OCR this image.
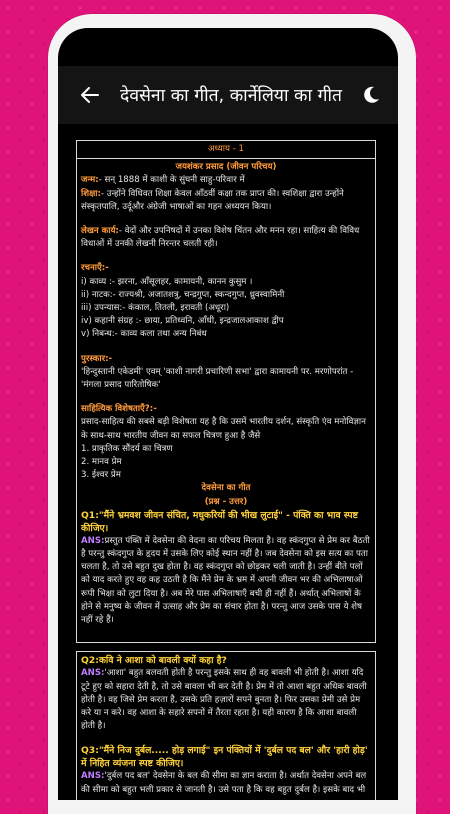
देवसेना का गीत, कार्नेलिया का गीत
अध्याय - 1
जयशंकर प्रसाद (जीवन परिचय)

जन्म:- सन् 1888 में काशी के सुंघनी साहु-परिवार में

शिक्षा:- उन्होंने विधिवत शिक्षा केवल आँठवीं कक्षा तक प्राप्त की। स्वशिक्षा द्वारा उन्होंने संस्कृतपालि, उर्दूऔर अंग्रेजी भाषाओं का गहन अध्ययन किया।

लेखन कार्य:- वेदों और उपनिषदों में उनका विशेष चिंतन और मनन रहा। साहित्य की विविध विधाओं में उनकी लेखनी निरन्तर चलती रही।

रचनाएँ:-

i) काव्य :- झरना, आँसूलहर, कामायनी, कानन कुसुम ।

ii) नाटक:- राज्यश्री, अजातशत्रु, चन्द्रगुप्त, स्कन्दगुप्त, ध्रुवस्वामिनी

iii) उपन्यास:- कंकाल, तितली, इरावती (अधूरा)

iv) कहानी संग्रह :- छाया, प्रतिध्वनि, आँधी, इन्द्रजालआकाश द्वीप

v) निबन्ध:- काव्य कला तथा अन्य निबंध

पुरस्कार:-

'हिन्दुस्तानी एकेडमी' एवम् 'काशी नागरी प्रचारिणी सभा' द्वारा कामायनी पर. मरणोपरांत - 'मंगला प्रसाद पारितोषिक'

साहित्यिक विशेषताएँ?:-

प्रसाद-साहित्य की सबसे बड़ी विशेषता यह है कि उसमें भारतीय दर्शन, संस्कृति एंव मनोविज्ञान के साथ-साथ भारतीय जीवन का सफल चित्रण हुआ है जैसे

1. प्राकृतिक सौंदर्य का चित्रण

2. मानव प्रेम

3. ईश्वर प्रेम

देवसेना का गीत
(प्रश्न - उत्तर)

Q1:"मैंने भ्रमवश जीवन संचित, मधुकरियों की भीख लुटाई" - पंक्ति का भाव स्पष्ट कीजिए।

ANS:प्रस्तुत पंक्ति में देवसेना की वेदना का परिचय मिलता है। वह स्कंदगुप्त से प्रेम कर बैठती है परन्तु स्कंदगुप्त के हृदय में उसके लिए कोई स्थान नहीं है। जब देवसेना को इस सत्य का पता चलता है, तो उसे बहुत दुख होता है। वह स्कंदगुप्त को छोड़कर चली जाती है। उन्हीं बीते पलों को याद करते हुए वह कह उठती है कि मैंने प्रेम के भ्रम में अपनी जीवन भर की अभिलाषाओं रूपी भिक्षा को लुटा दिया है। अब मेरे पास अभिलाषाएँ बची ही नहीं हैं। अर्थात् अभिलाषों के होने से मनुष्य के जीवन में उत्साह और प्रेम का संचार होता है। परन्तु आज उसके पास ये शेष नहीं रहे हैं।

Q2:कवि ने आशा को बावली क्यों कहा है?

ANS:'आशा' बहुत बलवती होती है परन्तु इसके साथ ही वह बावली भी होती है। आशा यदि टूटे हुए को सहारा देती है, तो उसे बावला भी कर देती है। प्रेम में तो आशा बहुत अधिक बावली होती है। वह जिसे प्रेम करता है, उसके प्रति हज़ारों सपने बुनता है। फिर उसका प्रेमी उसे प्रेम करे या न करे। वह आशा के सहारे सपनों में तैरता रहता है। यही कारण है कि आशा बावली होती है।

Q3:"मैंने निज दुर्बल..... होड़ लगाई" इन पंक्तियों में 'दुर्बल पद बल' और 'हारी होड़' में निहित व्यंजना स्पष्ट कीजिए।

ANS:'दुर्बल पद बल' देवसेना के बल की सीमा का ज्ञान कराता है। अर्थात देवसेना अपने बल की सीमा को बहुत भली प्रकार से जानती है। उसे पता है कि वह बहुत दुर्बल है। इसके बाद भी
